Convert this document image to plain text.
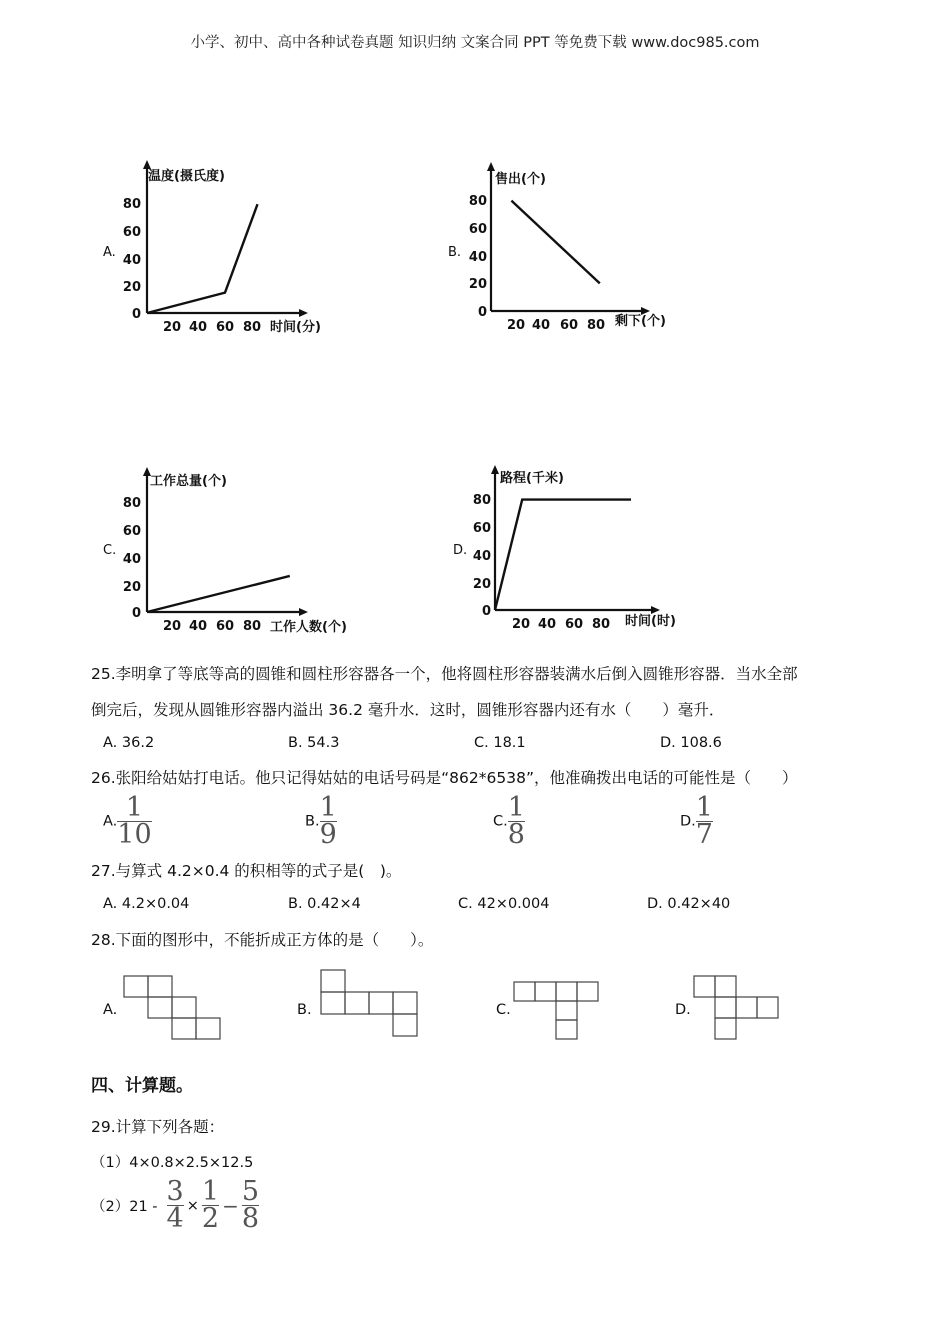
小学、初中、高中各种试卷真题 知识归纳 文案合同 PPT 等免费下载 www.doc985.com
A.	B.
C.	D.
0
20
40
60
80
20 40 60 80
温度(摄氏度)
时间(分)
0
20
40
60
80
20 40 60 80
售出(个)
剩下(个)
0
20
40
60
80
20 40 60 80
工作总量(个)
工作人数(个)
0
20
40
60
80
20 40 60 80
路程(千米)
时间(时)
25.李明拿了等底等高的圆锥和圆柱形容器各一个，他将圆柱形容器装满水后倒入圆锥形容器．当水全部
倒完后，发现从圆锥形容器内溢出 36.2 毫升水．这时，圆锥形容器内还有水（　　）毫升．
A. 36.2	B. 54.3	C. 18.1	D. 108.6
26.张阳给姑姑打电话。他只记得姑姑的电话号码是“862*6538”，他准确拨出电话的可能性是（　　）
A. $\frac{1}{10}$	B. $\frac{1}{9}$	C. $\frac{1}{8}$	D. $\frac{1}{7}$
27.与算式 4.2×0.4 的积相等的式子是(　)。
A. 4.2×0.04	B. 0.42×4	C. 42×0.004	D. 0.42×40
28.下面的图形中，不能折成正方体的是（　　）。
A.	B.	C.	D.
四、计算题。
29.计算下列各题：
（1）4×0.8×2.5×12.5
$(2)21 - \frac{3}{4} \times \frac{1}{2} - \frac{5}{8}$
